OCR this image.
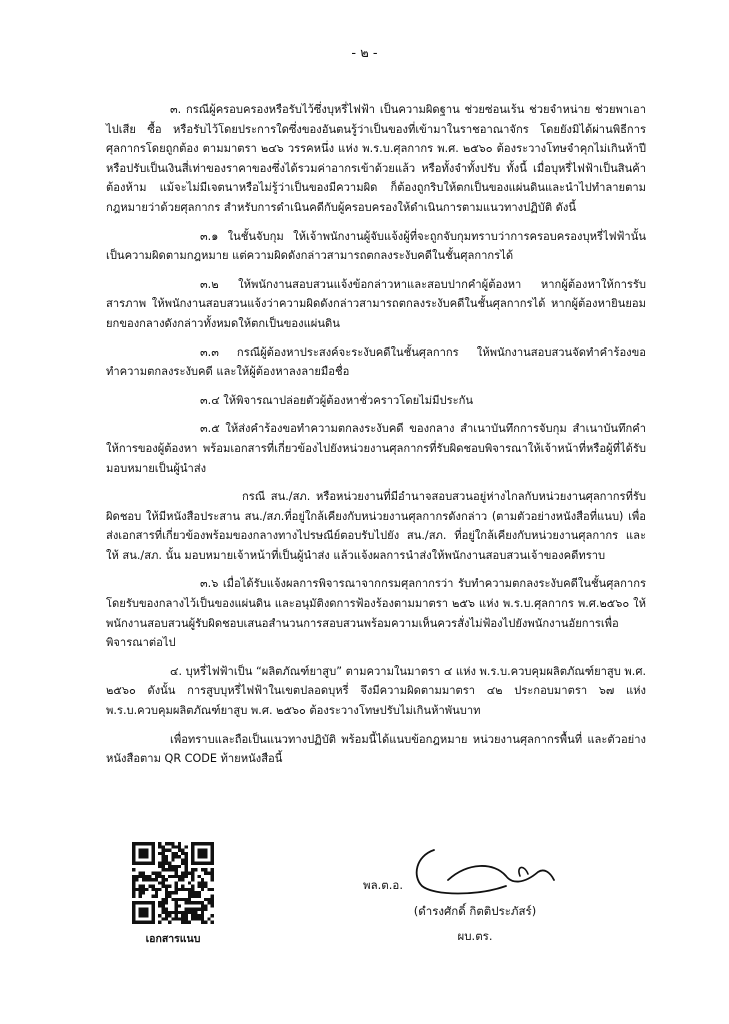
- ๒ -

๓. กรณีผู้ครอบครองหรือรับไว้ซึ่งบุหรี่ไฟฟ้า เป็นความผิดฐาน ช่วยซ่อนเร้น ช่วยจำหน่าย ช่วยพาเอาไปเสีย ซื้อ หรือรับไว้โดยประการใดซึ่งของอันตนรู้ว่าเป็นของที่เข้ามาในราชอาณาจักร โดยยังมิได้ผ่านพิธีการศุลกากรโดยถูกต้อง ตามมาตรา ๒๔๖ วรรคหนึ่ง แห่ง พ.ร.บ.ศุลกากร พ.ศ. ๒๕๖๐ ต้องระวางโทษจำคุกไม่เกินห้าปี หรือปรับเป็นเงินสี่เท่าของราคาของซึ่งได้รวมค่าอากรเข้าด้วยแล้ว หรือทั้งจำทั้งปรับ ทั้งนี้ เมื่อบุหรี่ไฟฟ้าเป็นสินค้าต้องห้าม แม้จะไม่มีเจตนาหรือไม่รู้ว่าเป็นของมีความผิด ก็ต้องถูกริบให้ตกเป็นของแผ่นดินและนำไปทำลายตามกฎหมายว่าด้วยศุลกากร สำหรับการดำเนินคดีกับผู้ครอบครองให้ดำเนินการตามแนวทางปฏิบัติ ดังนี้

๓.๑ ในชั้นจับกุม ให้เจ้าพนักงานผู้จับแจ้งผู้ที่จะถูกจับกุมทราบว่าการครอบครองบุหรี่ไฟฟ้านั้นเป็นความผิดตามกฎหมาย แต่ความผิดดังกล่าวสามารถตกลงระงับคดีในชั้นศุลกากรได้

๓.๒ ให้พนักงานสอบสวนแจ้งข้อกล่าวหาและสอบปากคำผู้ต้องหา หากผู้ต้องหาให้การรับสารภาพ ให้พนักงานสอบสวนแจ้งว่าความผิดดังกล่าวสามารถตกลงระงับคดีในชั้นศุลกากรได้ หากผู้ต้องหายินยอมยกของกลางดังกล่าวทั้งหมดให้ตกเป็นของแผ่นดิน

๓.๓ กรณีผู้ต้องหาประสงค์จะระงับคดีในชั้นศุลกากร ให้พนักงานสอบสวนจัดทำคำร้องขอทำความตกลงระงับคดี และให้ผู้ต้องหาลงลายมือชื่อ

๓.๔ ให้พิจารณาปล่อยตัวผู้ต้องหาชั่วคราวโดยไม่มีประกัน

๓.๕ ให้ส่งคำร้องขอทำความตกลงระงับคดี ของกลาง สำเนาบันทึกการจับกุม สำเนาบันทึกคำให้การของผู้ต้องหา พร้อมเอกสารที่เกี่ยวข้องไปยังหน่วยงานศุลกากรที่รับผิดชอบพิจารณาให้เจ้าหน้าที่หรือผู้ที่ได้รับมอบหมายเป็นผู้นำส่ง

กรณี สน./สภ. หรือหน่วยงานที่มีอำนาจสอบสวนอยู่ห่างไกลกับหน่วยงานศุลกากรที่รับผิดชอบ ให้มีหนังสือประสาน สน./สภ.ที่อยู่ใกล้เคียงกับหน่วยงานศุลกากรดังกล่าว (ตามตัวอย่างหนังสือที่แนบ) เพื่อส่งเอกสารที่เกี่ยวข้องพร้อมของกลางทางไปรษณีย์ตอบรับไปยัง สน./สภ. ที่อยู่ใกล้เคียงกับหน่วยงานศุลกากร และให้ สน./สภ. นั้น มอบหมายเจ้าหน้าที่เป็นผู้นำส่ง แล้วแจ้งผลการนำส่งให้พนักงานสอบสวนเจ้าของคดีทราบ

๓.๖ เมื่อได้รับแจ้งผลการพิจารณาจากกรมศุลกากรว่า รับทำความตกลงระงับคดีในชั้นศุลกากรโดยรับของกลางไว้เป็นของแผ่นดิน และอนุมัติงดการฟ้องร้องตามมาตรา ๒๕๖ แห่ง พ.ร.บ.ศุลกากร พ.ศ.๒๕๖๐ ให้พนักงานสอบสวนผู้รับผิดชอบเสนอสำนวนการสอบสวนพร้อมความเห็นควรสั่งไม่ฟ้องไปยังพนักงานอัยการเพื่อพิจารณาต่อไป

๔. บุหรี่ไฟฟ้าเป็น “ผลิตภัณฑ์ยาสูบ” ตามความในมาตรา ๔ แห่ง พ.ร.บ.ควบคุมผลิตภัณฑ์ยาสูบ พ.ศ. ๒๕๖๐ ดังนั้น การสูบบุหรี่ไฟฟ้าในเขตปลอดบุหรี่ จึงมีความผิดตามมาตรา ๔๒ ประกอบมาตรา ๖๗ แห่ง พ.ร.บ.ควบคุมผลิตภัณฑ์ยาสูบ พ.ศ. ๒๕๖๐ ต้องระวางโทษปรับไม่เกินห้าพันบาท

เพื่อทราบและถือเป็นแนวทางปฏิบัติ พร้อมนี้ได้แนบข้อกฎหมาย หน่วยงานศุลกากรพื้นที่ และตัวอย่างหนังสือตาม QR CODE ท้ายหนังสือนี้

เอกสารแนบ
พล.ต.อ.
(ดำรงศักดิ์ กิตติประภัสร์)
ผบ.ตร.
